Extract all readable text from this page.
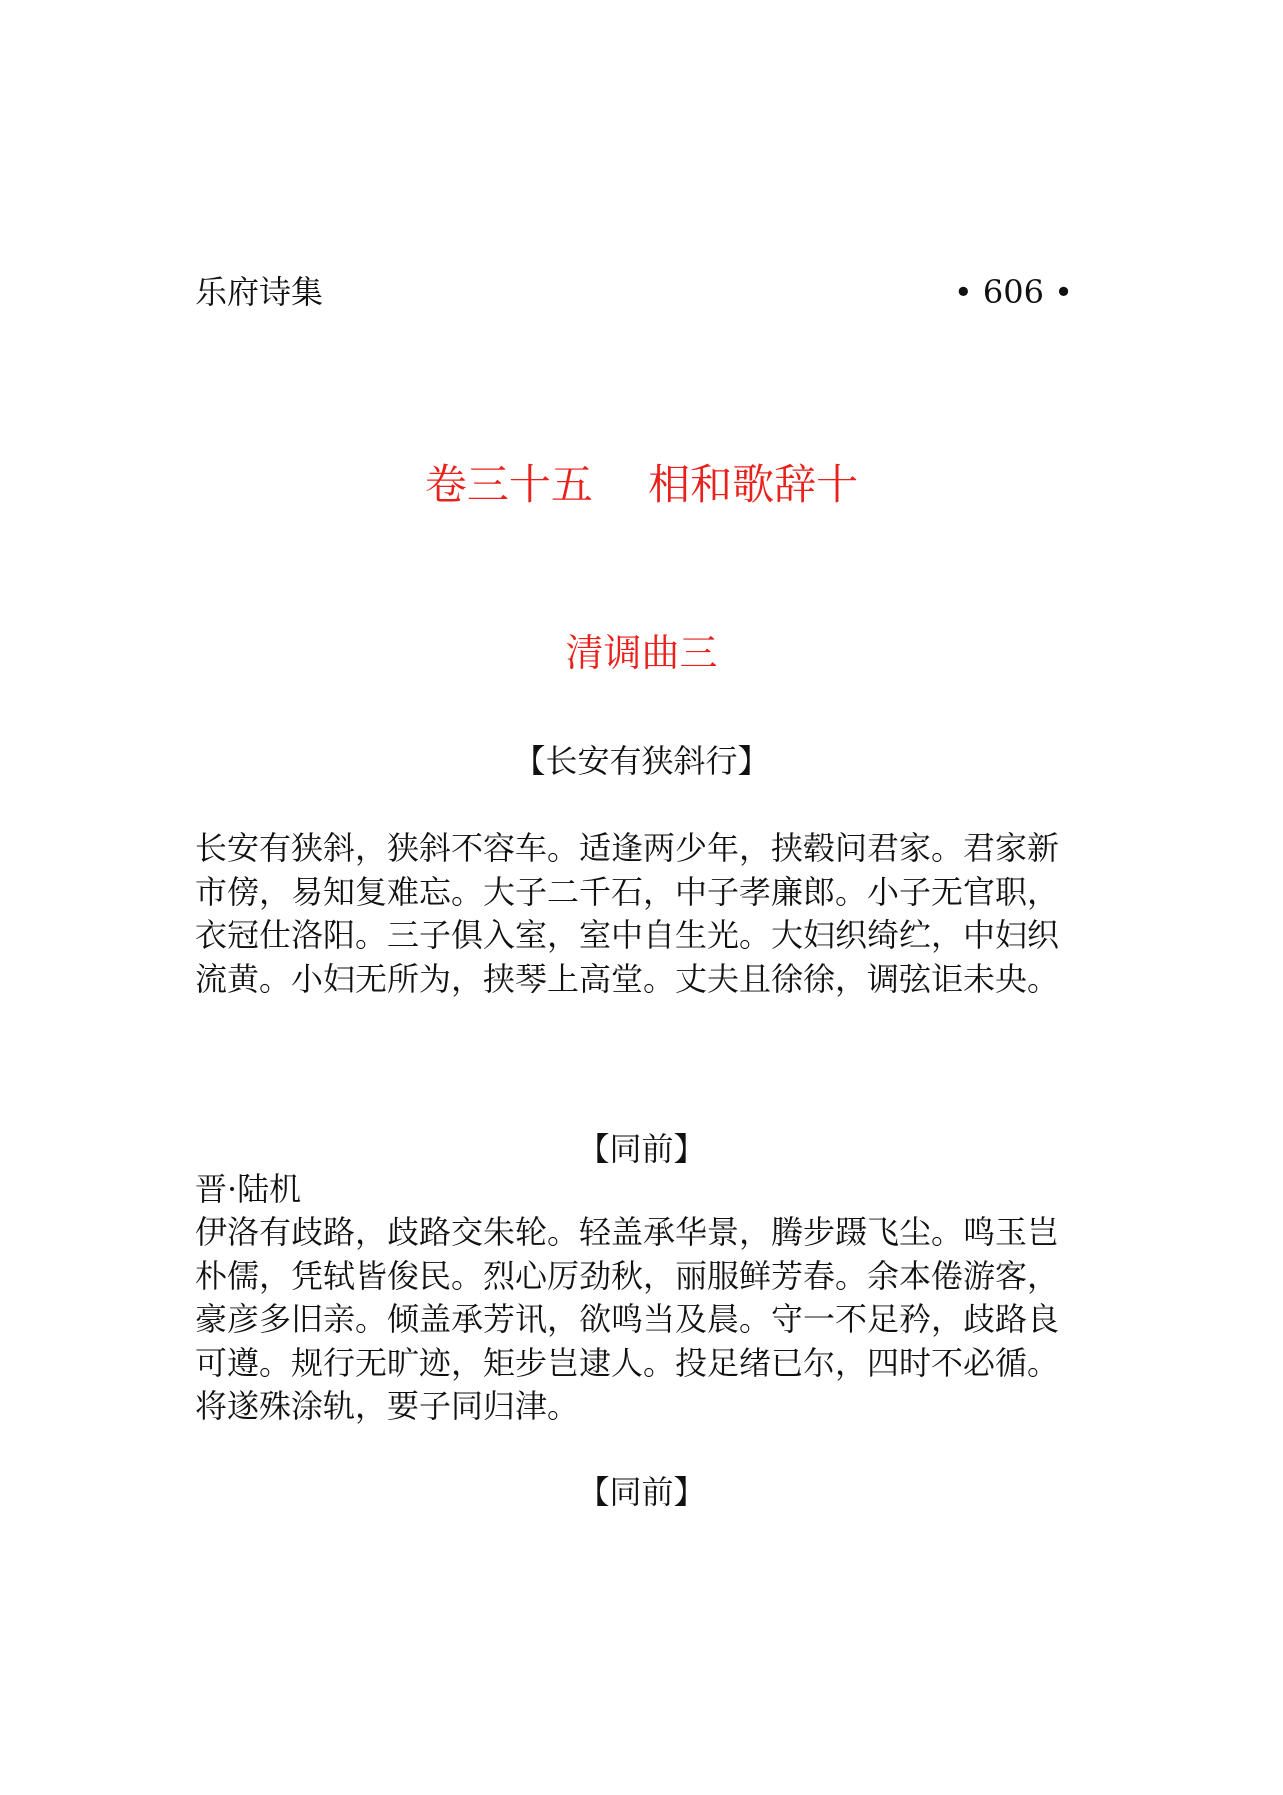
乐府诗集	• 606 •
卷三十五　 相和歌辞十
清调曲三
【长安有狭斜行】
长安有狭斜，狭斜不容车。适逢两少年，挟毂问君家。君家新
市傍，易知复难忘。大子二千石，中子孝廉郎。小子无官职，
衣冠仕洛阳。三子俱入室，室中自生光。大妇织绮纻，中妇织
流黄。小妇无所为，挟琴上高堂。丈夫且徐徐，调弦讵未央。
【同前】
晋·陆机
伊洛有歧路，歧路交朱轮。轻盖承华景，腾步蹑飞尘。鸣玉岂
朴儒，凭轼皆俊民。烈心厉劲秋，丽服鲜芳春。余本倦游客，
豪彦多旧亲。倾盖承芳讯，欲鸣当及晨。守一不足矜，歧路良
可遵。规行无旷迹，矩步岂逮人。投足绪已尔，四时不必循。
将遂殊涂轨，要子同归津。
【同前】
